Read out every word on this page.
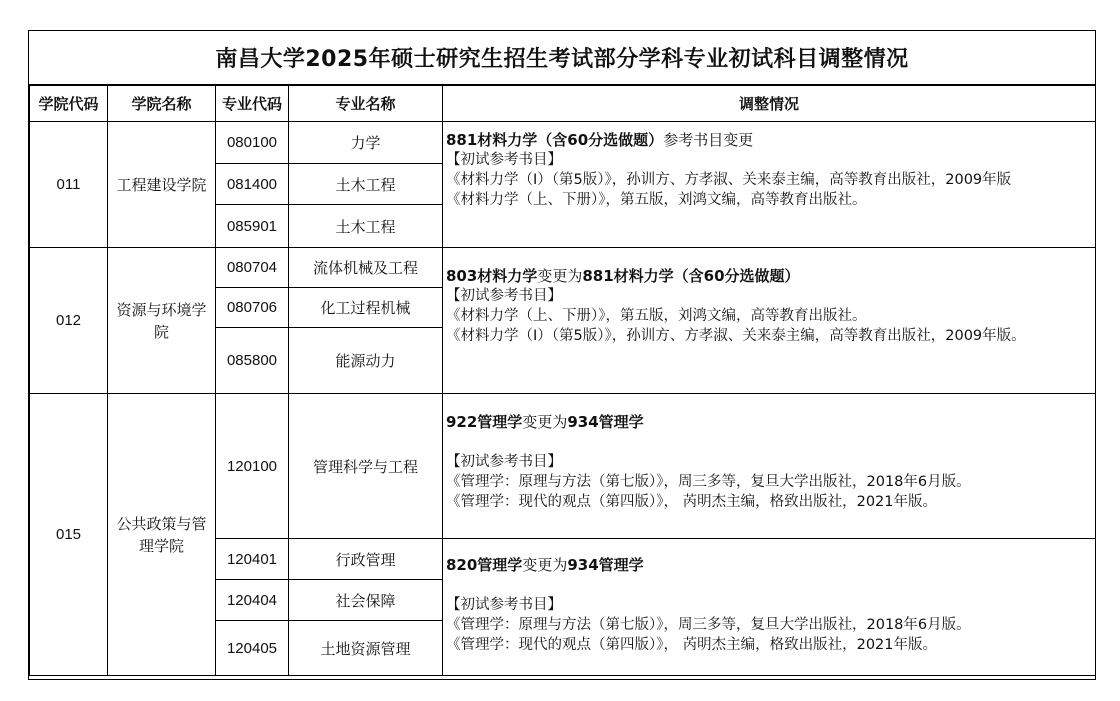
南昌大学2025年硕士研究生招生考试部分学科专业初试科目调整情况
学院代码	学院名称	专业代码	专业名称	调整情况
011	工程建设学院	080100	力学	881材料力学（含60分选做题）参考书目变更
【初试参考书目】
《材料力学（Ⅰ）（第5版）》，孙训方、方孝淑、关来泰主编，高等教育出版社，2009年版
《材料力学（上、下册）》，第五版，刘鸿文编，高等教育出版社。

		081400	土木工程	
		085901	土木工程	
012	资源与环境学院	080704	流体机械及工程	803材料力学变更为881材料力学（含60分选做题）
【初试参考书目】
《材料力学（上、下册）》，第五版，刘鸿文编，高等教育出版社。
《材料力学（Ⅰ）（第5版）》，孙训方、方孝淑、关来泰主编，高等教育出版社，2009年版。

		080706	化工过程机械	
		085800	能源动力	
015	公共政策与管理学院	120100	管理科学与工程	922管理学变更为934管理学
【初试参考书目】
《管理学：原理与方法（第七版）》，周三多等，复旦大学出版社，2018年6月版。
《管理学：现代的观点（第四版）》， 芮明杰主编，格致出版社，2021年版。

		120401	行政管理	820管理学变更为934管理学
【初试参考书目】
《管理学：原理与方法（第七版）》，周三多等，复旦大学出版社，2018年6月版。
《管理学：现代的观点（第四版）》， 芮明杰主编，格致出版社，2021年版。

		120404	社会保障	
		120405	土地资源管理	
